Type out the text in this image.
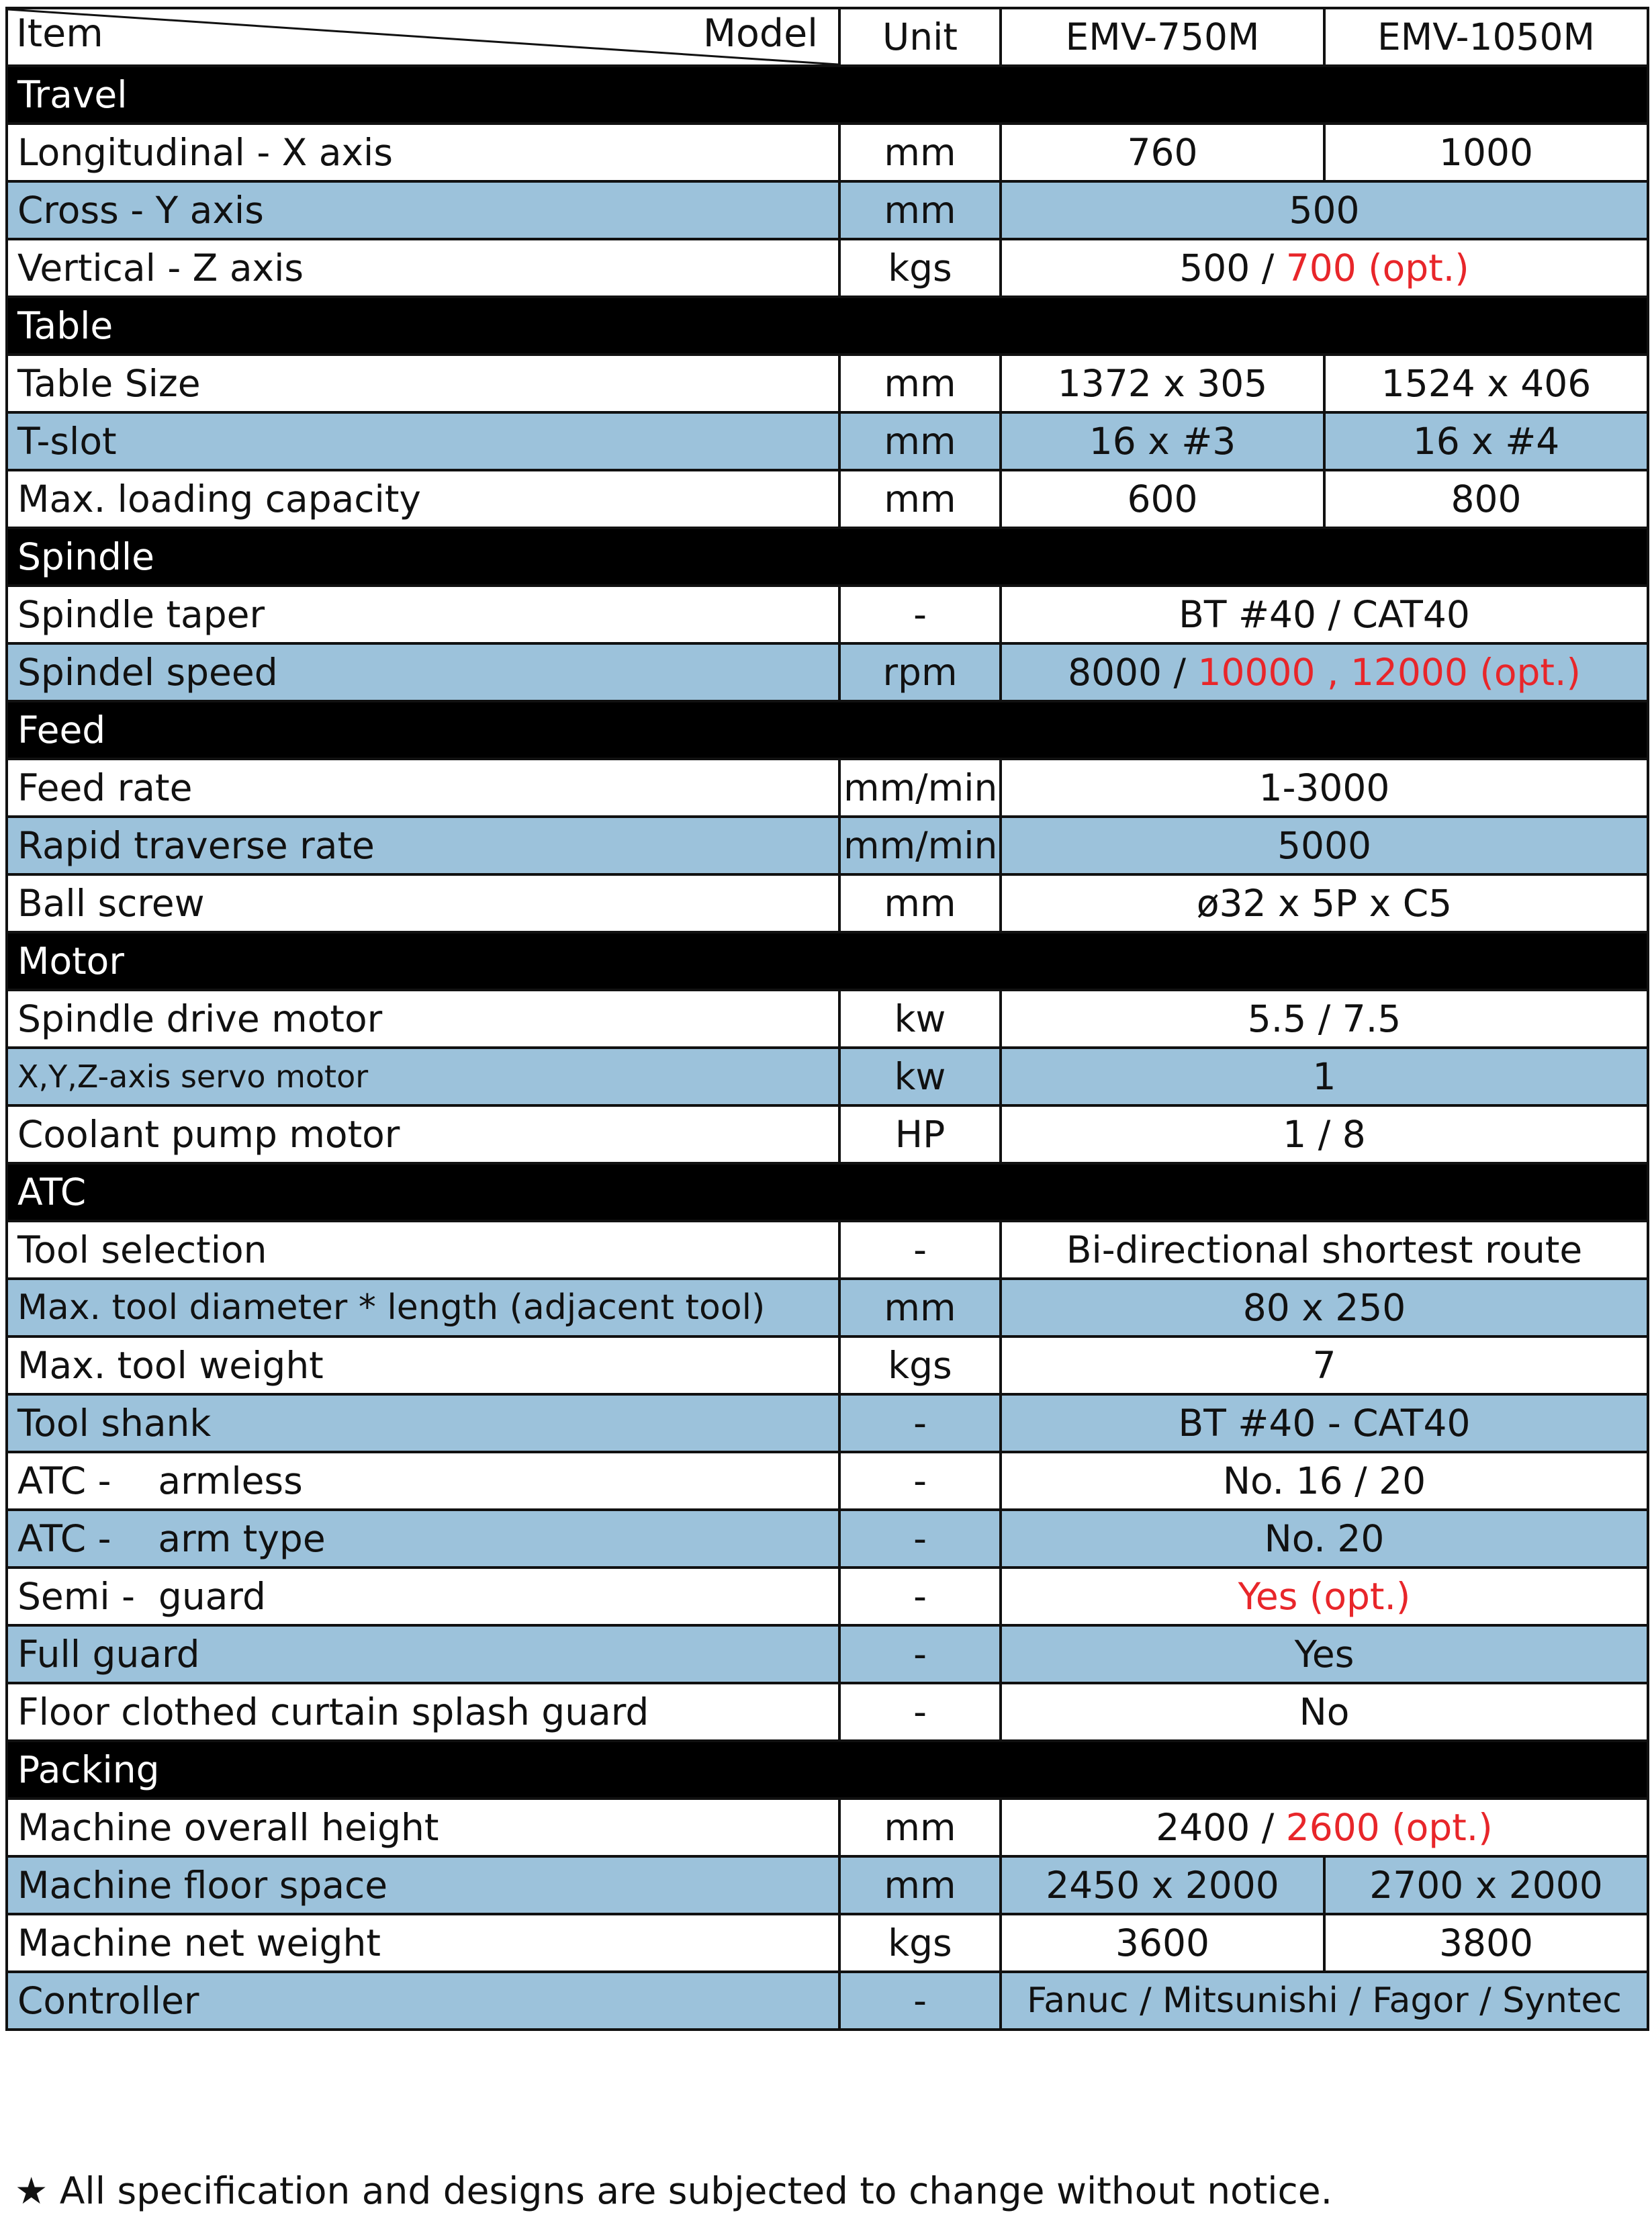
Item Model	Unit	EMV-750M	EMV-1050M
Travel			
Longitudinal - X axis	mm	760	1000
Cross - Y axis	mm	500	
Vertical - Z axis	kgs	500 / 700 (opt.)	
Table			
Table Size	mm	1372 x 305	1524 x 406
T-slot	mm	16 x #3	16 x #4
Max. loading capacity	mm	600	800
Spindle			
Spindle taper	-	BT #40 / CAT40	
Spindel speed	rpm	8000 / 10000 , 12000 (opt.)	
Feed			
Feed rate	mm/min	1-3000	
Rapid traverse rate	mm/min	5000	
Ball screw	mm	ø32 x 5P x C5	
Motor			
Spindle drive motor	kw	5.5 / 7.5	
X,Y,Z-axis servo motor	kw	1	
Coolant pump motor	HP	1 / 8	
ATC			
Tool selection	-	Bi-directional shortest route	
Max. tool diameter * length (adjacent tool)	mm	80 x 250	
Max. tool weight	kgs	7	
Tool shank	-	BT #40 - CAT40	
ATC -    armless	-	No. 16 / 20	
ATC -    arm type	-	No. 20	
Semi -  guard	-	Yes (opt.)	
Full guard	-	Yes	
Floor clothed curtain splash guard	-	No	
Packing			
Machine overall height	mm	2400 / 2600 (opt.)	
Machine floor space	mm	2450 x 2000	2700 x 2000
Machine net weight	kgs	3600	3800
Controller	-	Fanuc / Mitsunishi / Fagor / Syntec	
★ All specification and designs are subjected to change without notice.
